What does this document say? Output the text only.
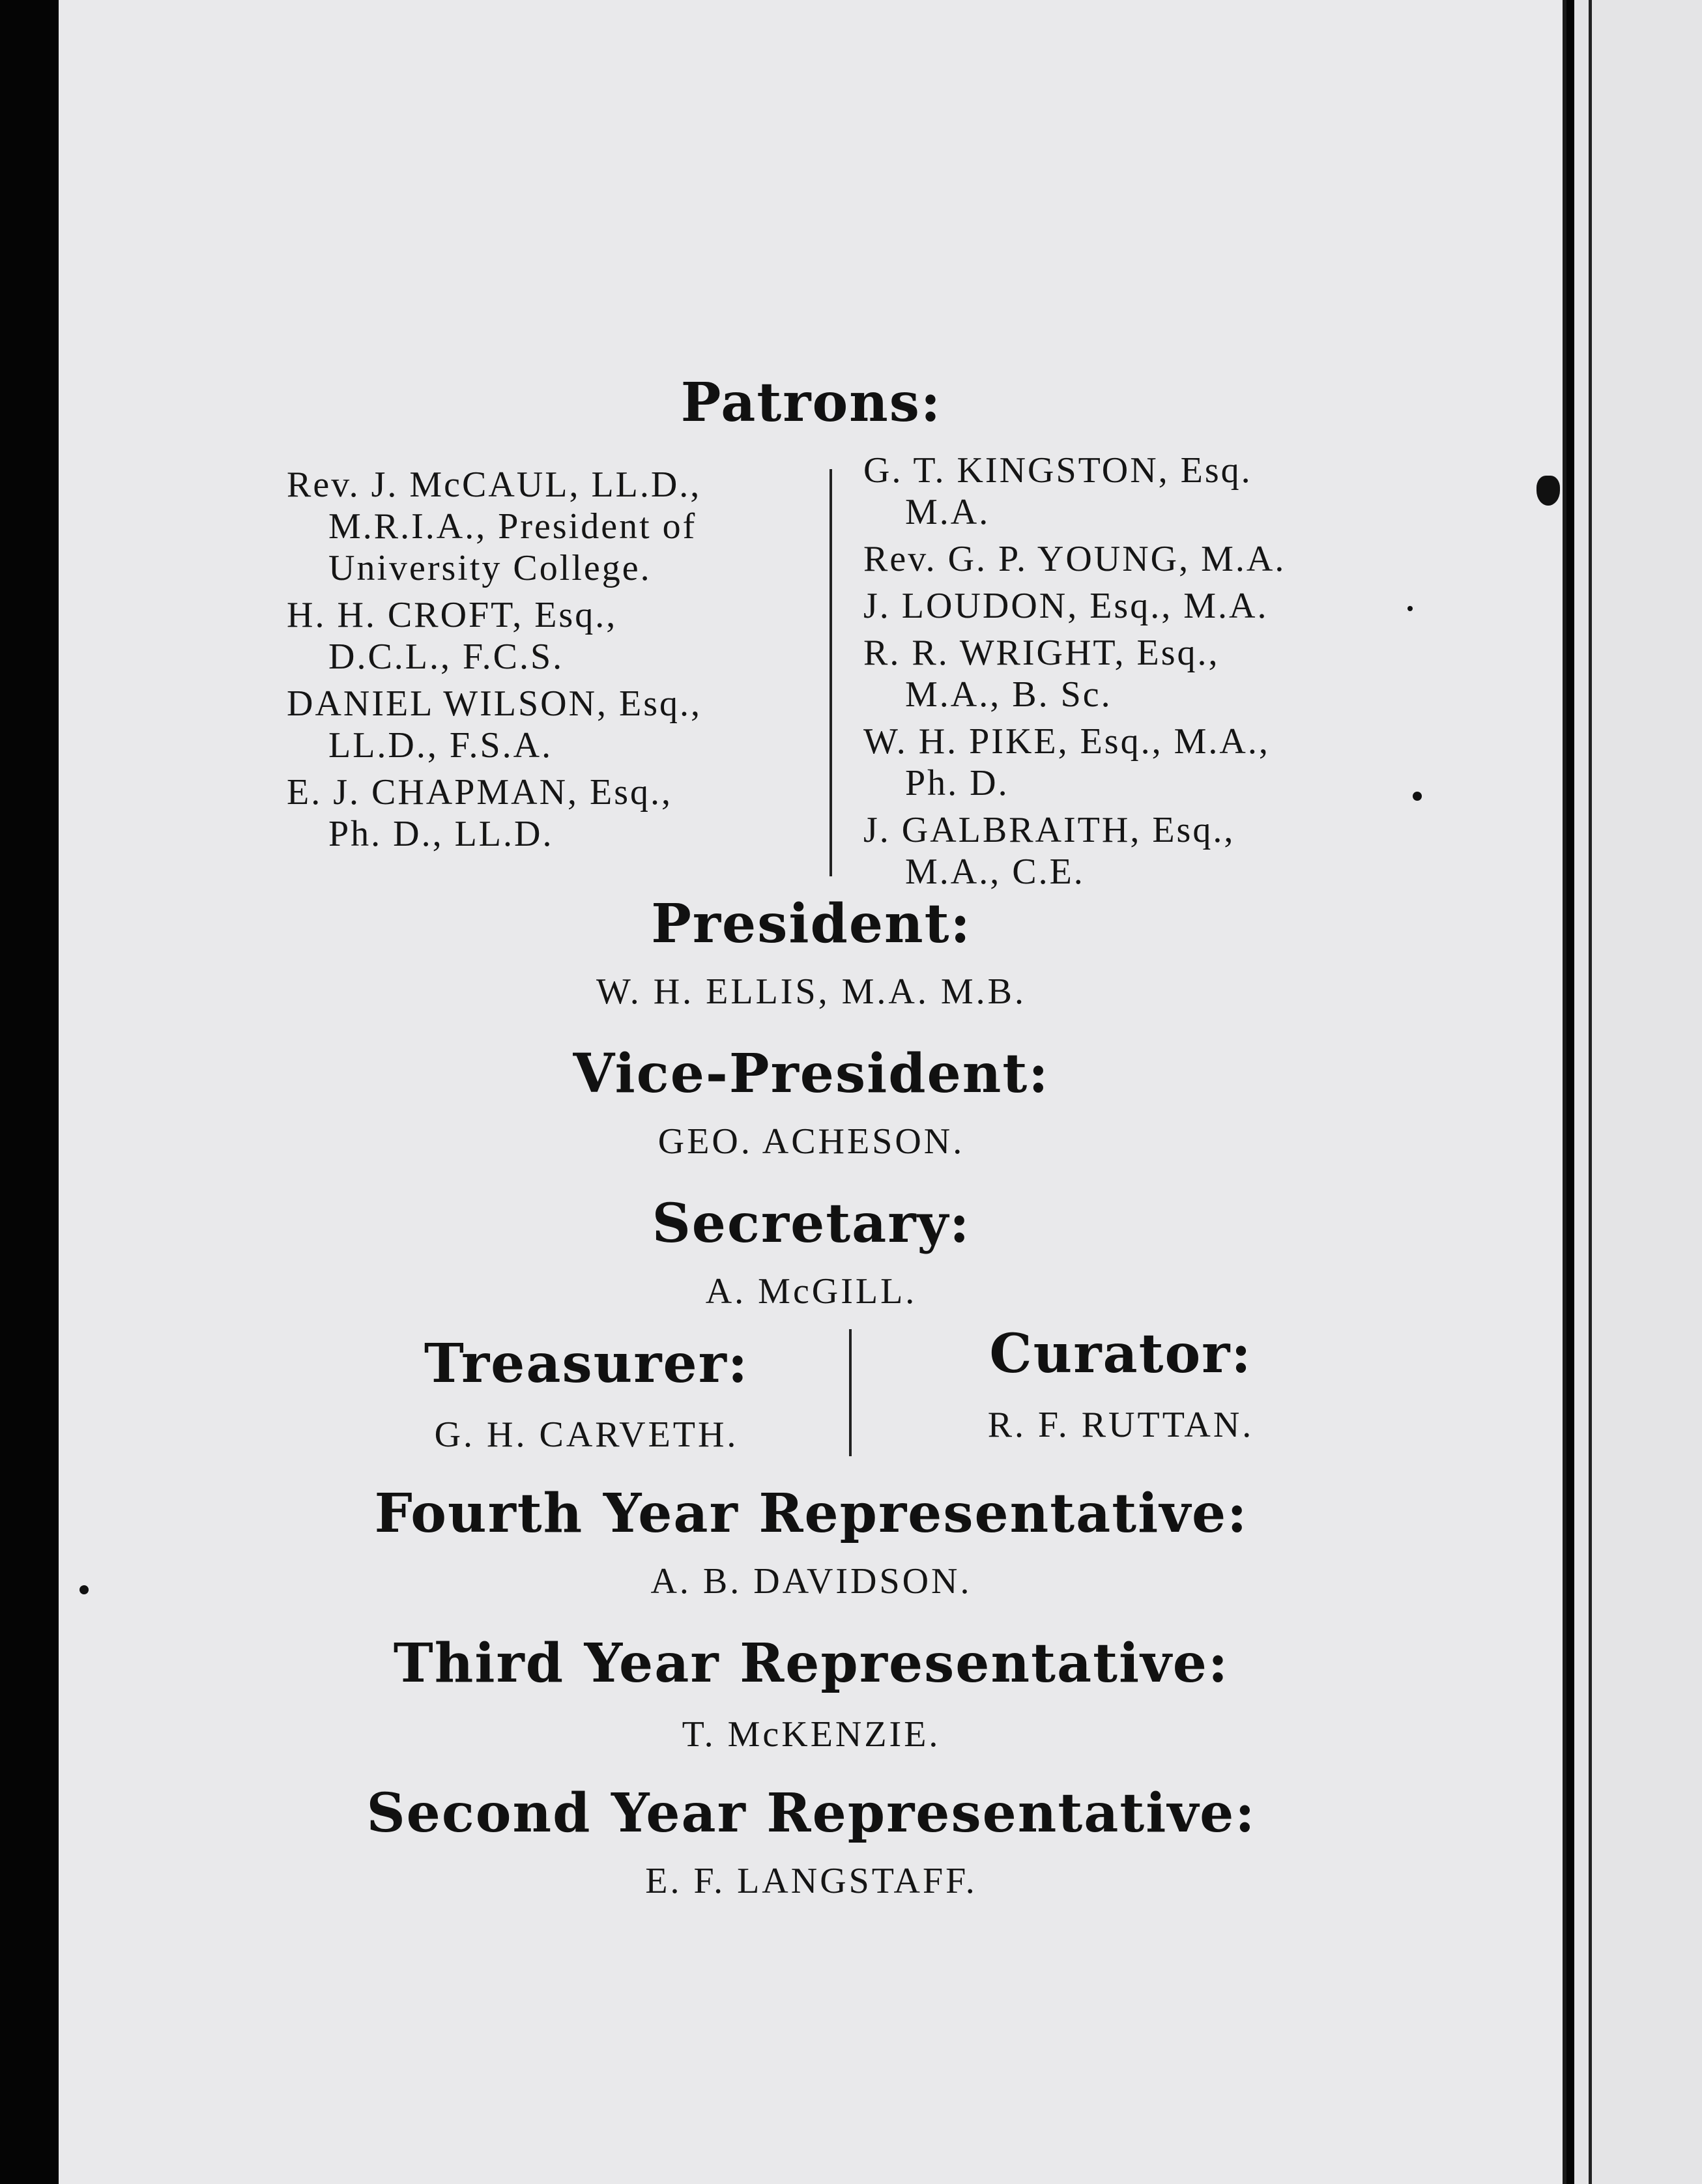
Patrons:
Rev. J. McCAUL, LL.D.,
M.R.I.A., President of
University College.
H. H. CROFT, Esq.,
D.C.L., F.C.S.
DANIEL WILSON, Esq.,
LL.D., F.S.A.
E. J. CHAPMAN, Esq.,
Ph. D., LL.D.
G. T. KINGSTON, Esq.
M.A.
Rev. G. P. YOUNG, M.A.
J. LOUDON, Esq., M.A.
R. R. WRIGHT, Esq.,
M.A., B. Sc.
W. H. PIKE, Esq., M.A.,
Ph. D.
J. GALBRAITH, Esq.,
M.A., C.E.
President:
W. H. ELLIS, M.A. M.B.
Vice-President:
GEO. ACHESON.
Secretary:
A. McGILL.
Treasurer:
G. H. CARVETH.
Curator:
R. F. RUTTAN.
Fourth Year Representative:
A. B. DAVIDSON.
Third Year Representative:
T. McKENZIE.
Second Year Representative:
E. F. LANGSTAFF.
